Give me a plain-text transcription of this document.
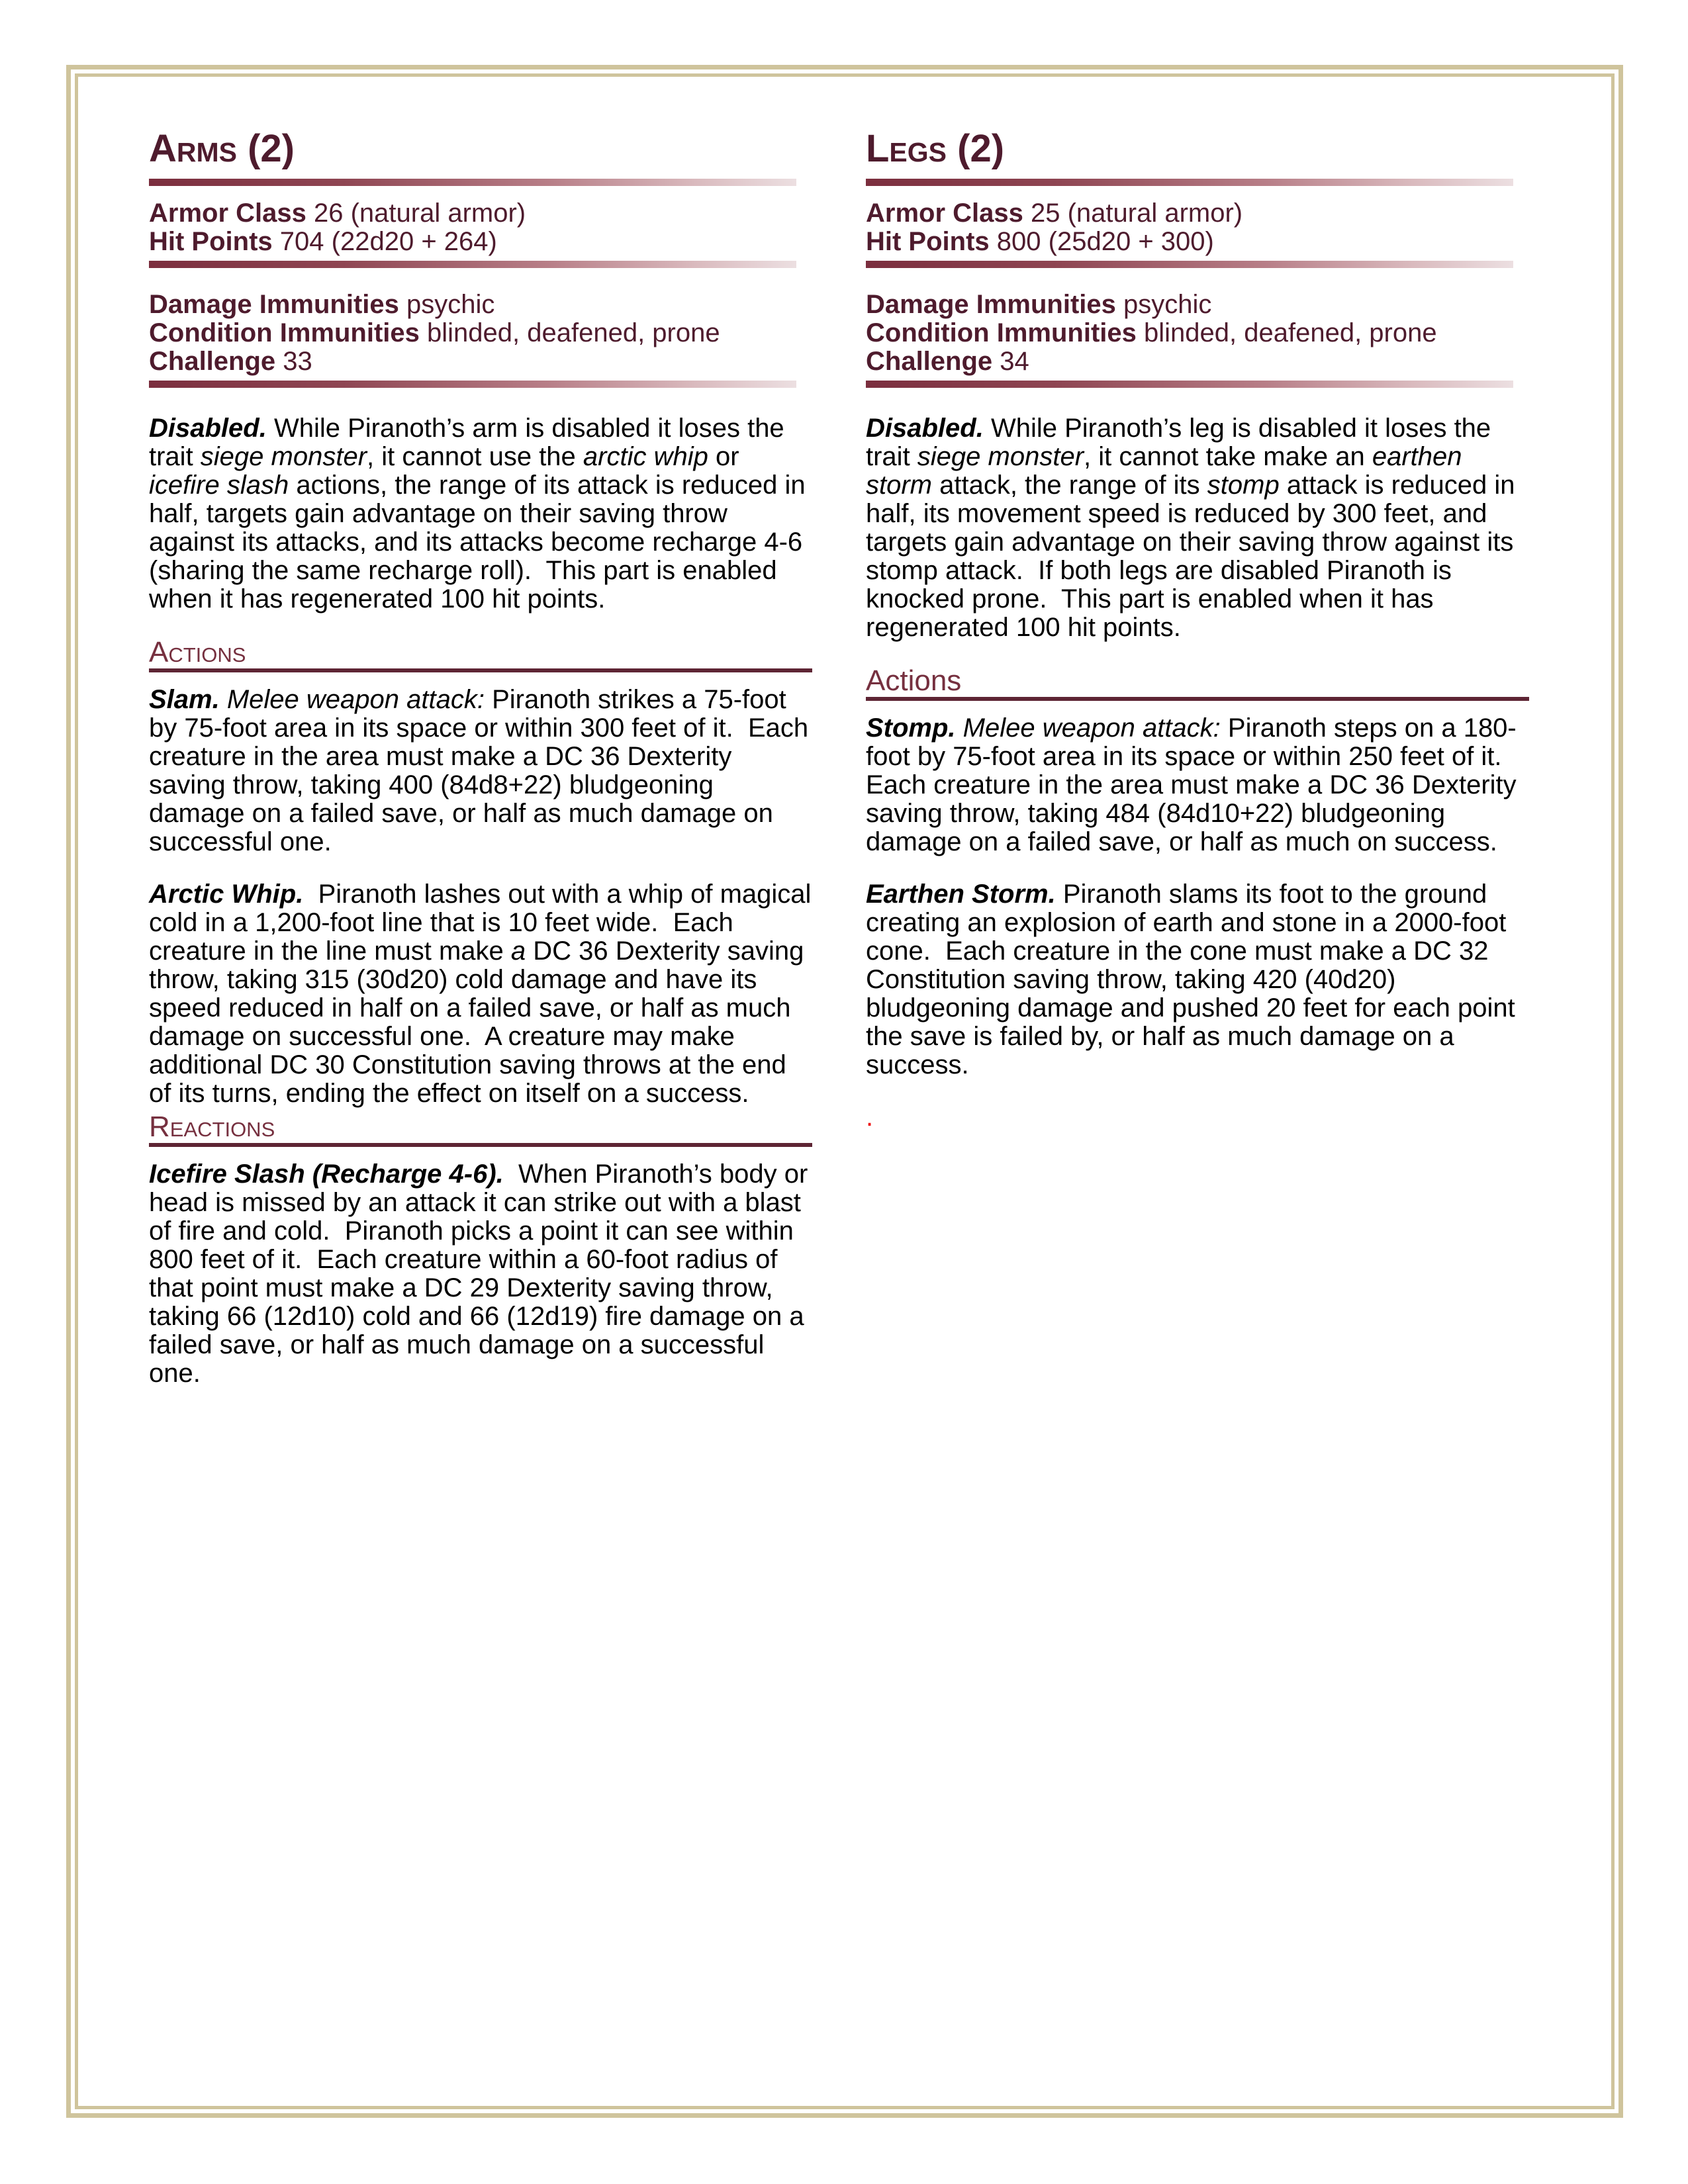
Arms (2)
Armor Class 26 (natural armor)
Hit Points 704 (22d20 + 264)
Damage Immunities psychic
Condition Immunities blinded, deafened, prone
Challenge 33
Disabled. While Piranoth’s arm is disabled it loses the trait siege monster, it cannot use the arctic whip or icefire slash actions, the range of its attack is reduced in half, targets gain advantage on their saving throw against its attacks, and its attacks become recharge 4-6 (sharing the same recharge roll).  This part is enabled when it has regenerated 100 hit points.
Actions
Slam. Melee weapon attack: Piranoth strikes a 75-foot by 75-foot area in its space or within 300 feet of it.  Each creature in the area must make a DC 36 Dexterity saving throw, taking 400 (84d8+22) bludgeoning damage on a failed save, or half as much damage on successful one.
Arctic Whip.  Piranoth lashes out with a whip of magical cold in a 1,200-foot line that is 10 feet wide.  Each creature in the line must make a DC 36 Dexterity saving throw, taking 315 (30d20) cold damage and have its speed reduced in half on a failed save, or half as much damage on successful one.  A creature may make additional DC 30 Constitution saving throws at the end of its turns, ending the effect on itself on a success.
Reactions
Icefire Slash (Recharge 4-6).  When Piranoth’s body or head is missed by an attack it can strike out with a blast of fire and cold.  Piranoth picks a point it can see within 800 feet of it.  Each creature within a 60-foot radius of that point must make a DC 29 Dexterity saving throw, taking 66 (12d10) cold and 66 (12d19) fire damage on a failed save, or half as much damage on a successful one.
Legs (2)
Armor Class 25 (natural armor)
Hit Points 800 (25d20 + 300)
Damage Immunities psychic
Condition Immunities blinded, deafened, prone
Challenge 34
Disabled. While Piranoth’s leg is disabled it loses the trait siege monster, it cannot take make an earthen storm attack, the range of its stomp attack is reduced in half, its movement speed is reduced by 300 feet, and targets gain advantage on their saving throw against its stomp attack.  If both legs are disabled Piranoth is knocked prone.  This part is enabled when it has regenerated 100 hit points.
Actions
Stomp. Melee weapon attack: Piranoth steps on a 180-foot by 75-foot area in its space or within 250 feet of it.  Each creature in the area must make a DC 36 Dexterity saving throw, taking 484 (84d10+22) bludgeoning damage on a failed save, or half as much on success.
Earthen Storm. Piranoth slams its foot to the ground creating an explosion of earth and stone in a 2000-foot cone.  Each creature in the cone must make a DC 32 Constitution saving throw, taking 420 (40d20) bludgeoning damage and pushed 20 feet for each point the save is failed by, or half as much damage on a success.
.
